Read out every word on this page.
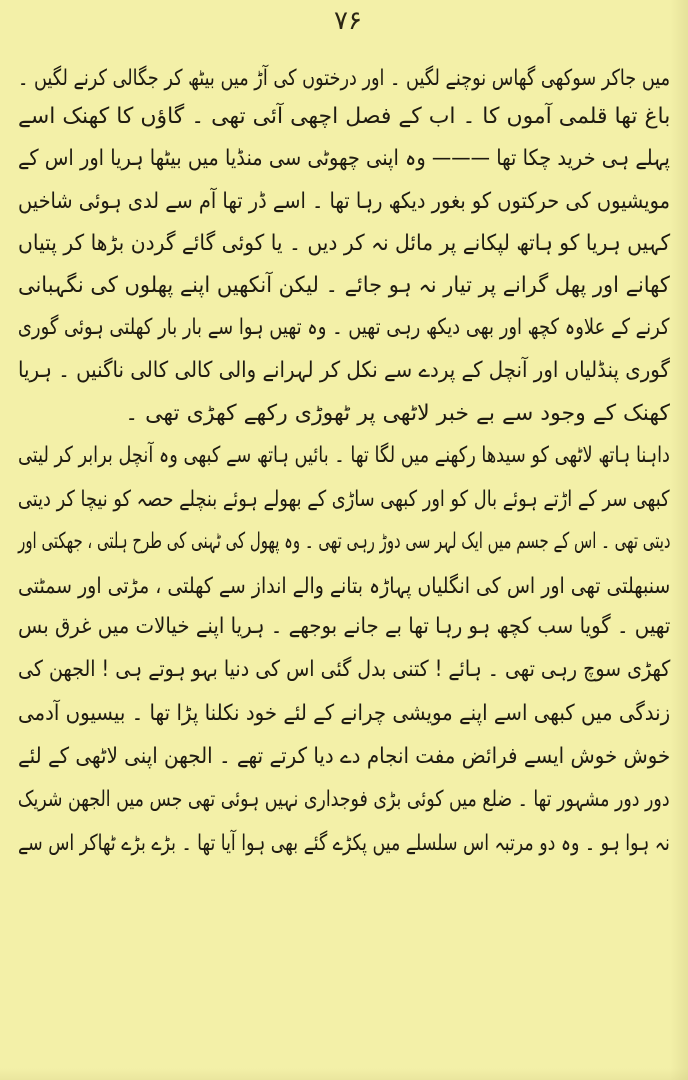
۷۶
میں جاکر سوکھی گھاس نوچنے لگیں ۔ اور درختوں کی آڑ میں بیٹھ کر جگالی کرنے لگیں ۔
باغ تھا قلمی آموں کا ۔ اب کے فصل اچھی آئی تھی ۔ گاؤں کا کھنک اسے
پہلے ہی خرید چکا تھا ——— وہ اپنی چھوٹی سی منڈیا میں بیٹھا ہریا اور اس کے
مویشیوں کی حرکتوں کو بغور دیکھ رہا تھا ۔ اسے ڈر تھا آم سے لدی ہوئی شاخیں
کہیں ہریا کو ہاتھ لپکانے پر مائل نہ کر دیں ۔ یا کوئی گائے گردن بڑھا کر پتیاں
کھانے اور پھل گرانے پر تیار نہ ہو جائے ۔ لیکن آنکھیں اپنے پھلوں کی نگہبانی
کرنے کے علاوہ کچھ اور بھی دیکھ رہی تھیں ۔ وہ تھیں ہوا سے بار بار کھلتی ہوئی گوری
گوری پنڈلیاں اور آنچل کے پردے سے نکل کر لہرانے والی کالی کالی ناگنیں ۔ ہریا
کھنک کے وجود سے بے خبر لاٹھی پر ٹھوڑی رکھے کھڑی تھی ۔
داہنا ہاتھ لاٹھی کو سیدھا رکھنے میں لگا تھا ۔ بائیں ہاتھ سے کبھی وہ آنچل برابر کر لیتی
کبھی سر کے اڑتے ہوئے بال کو اور کبھی ساڑی کے بھولے ہوئے بنچلے حصہ کو نیچا کر دیتی
دیتی تھی ۔ اس کے جسم میں ایک لہر سی دوڑ رہی تھی ۔ وہ پھول کی ٹہنی کی طرح ہلتی ، جھکتی اور
سنبھلتی تھی اور اس کی انگلیاں پہاڑہ بتانے والے انداز سے کھلتی ، مڑتی اور سمٹتی
تھیں ۔ گویا سب کچھ ہو رہا تھا بے جانے بوجھے ۔ ہریا اپنے خیالات میں غرق بس
کھڑی سوچ رہی تھی ۔ ہائے ! کتنی بدل گئی اس کی دنیا بہو ہوتے ہی ! الجھن کی
زندگی میں کبھی اسے اپنے مویشی چرانے کے لئے خود نکلنا پڑا تھا ۔ بیسیوں آدمی
خوش خوش ایسے فرائض مفت انجام دے دیا کرتے تھے ۔ الجھن اپنی لاٹھی کے لئے
دور دور مشہور تھا ۔ ضلع میں کوئی بڑی فوجداری نہیں ہوئی تھی جس میں الجھن شریک
نہ ہوا ہو ۔ وہ دو مرتبہ اس سلسلے میں پکڑے گئے بھی ہوا آیا تھا ۔ بڑے بڑے ٹھاکر اس سے
